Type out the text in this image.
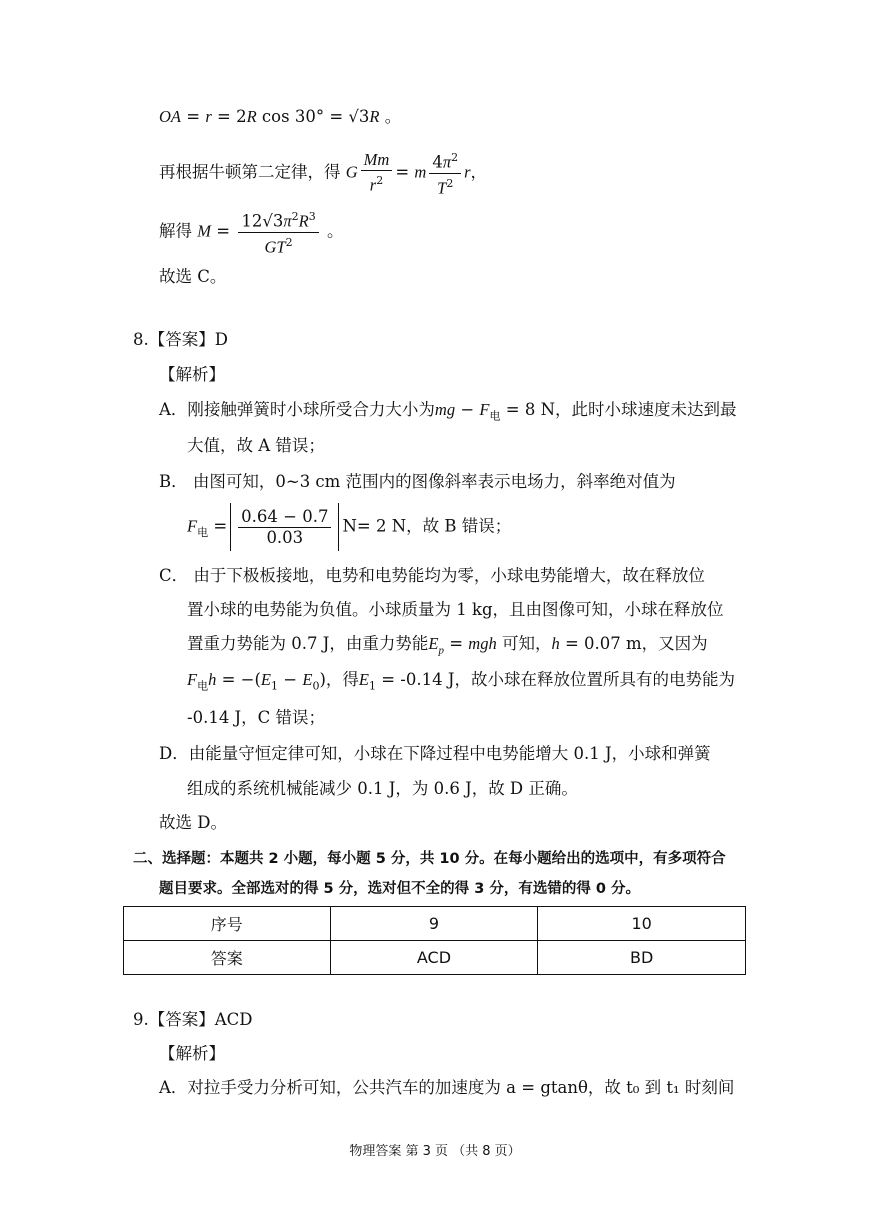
OA = r = 2R cos 30° = √3R 。
再根据牛顿第二定律，得 G $\frac{Mm}{r^2} = m \frac{4\pi^2}{T^2}$ r，
解得 $M = \frac{12√3\pi^2R^3}{GT^2}$ 。
故选 C。
8.【答案】D
【解析】
A．刚接触弹簧时小球所受合力大小为mg − $F_电 = 8$ N，此时小球速度未达到最
大值，故 A 错误；
B． 由图可知，0~3 cm 范围内的图像斜率表示电场力，斜率绝对值为
$F_电 = \frac{0.64 - 0.7}{0.03} N= 2$ N，故 B 错误；
C． 由于下极板接地，电势和电势能均为零，小球电势能增大，故在释放位
置小球的电势能为负值。小球质量为 1 kg，且由图像可知，小球在释放位
置重力势能为 0.7 J，由重力势能$E_p$ = mgh 可知，h = 0.07 m，又因为
$F_电h = -(E_1 - E_0)$，得$E_1 = -0.14$ J，故小球在释放位置所具有的电势能为
-0.14 J，C 错误；
D．由能量守恒定律可知，小球在下降过程中电势能增大 0.1 J，小球和弹簧
组成的系统机械能减少 0.1 J，为 0.6 J，故 D 正确。
故选 D。
二、选择题：本题共 2 小题，每小题 5 分，共 10 分。在每小题给出的选项中，有多项符合
题目要求。全部选对的得 5 分，选对但不全的得 3 分，有选错的得 0 分。
序号	9	10
答案	ACD	BD
9.【答案】ACD
【解析】
A．对拉手受力分析可知，公共汽车的加速度为 a = gtanθ，故 t₀ 到 t₁ 时刻间
物理答案 第 3 页 （共 8 页）
